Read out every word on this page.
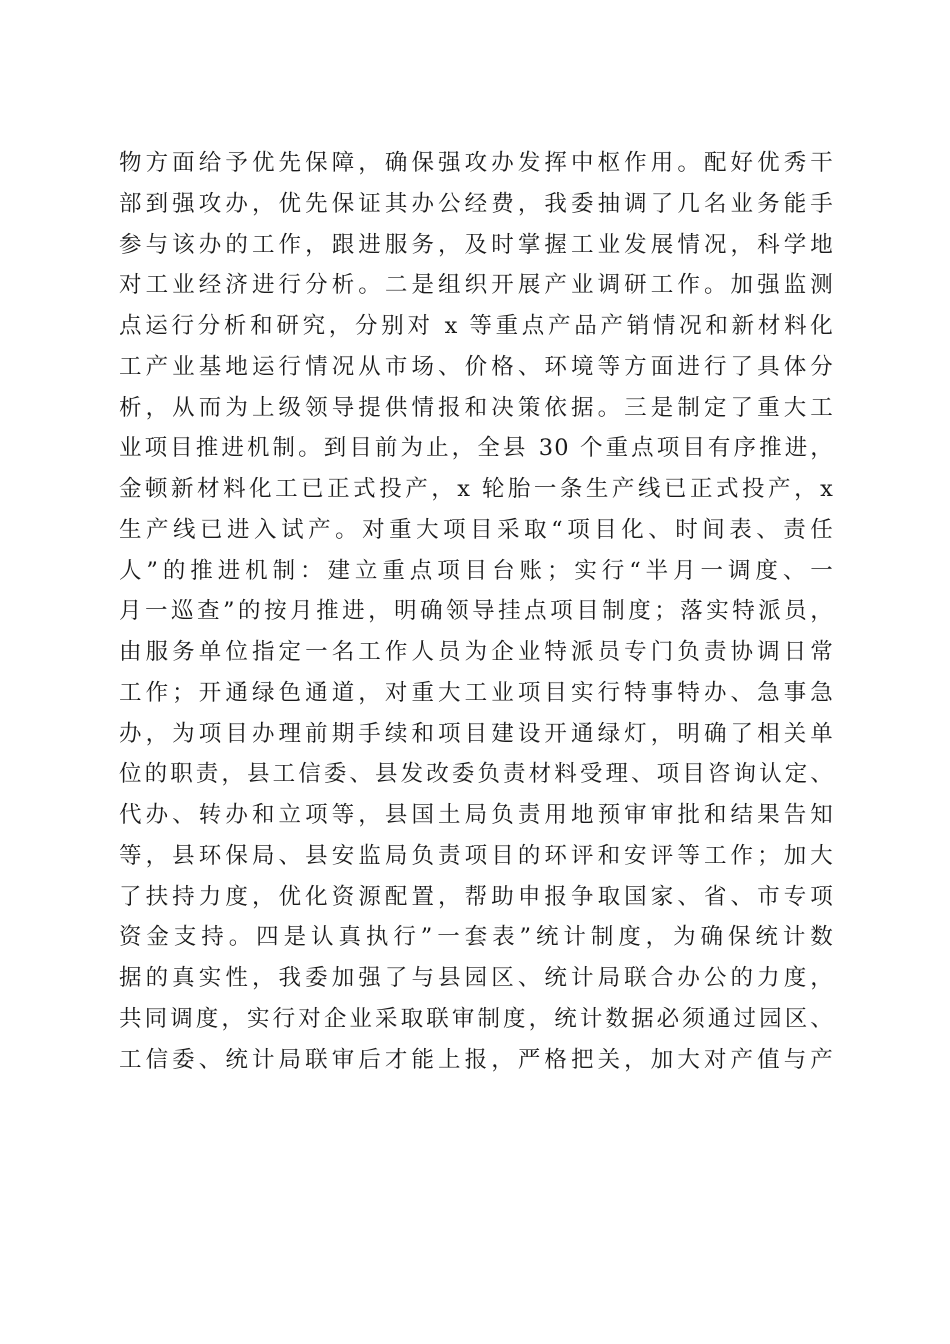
物方面给予优先保障，确保强攻办发挥中枢作用。配好优秀干
部到强攻办，优先保证其办公经费，我委抽调了几名业务能手
参与该办的工作，跟进服务，及时掌握工业发展情况，科学地
对工业经济进行分析。二是组织开展产业调研工作。加强监测
点运行分析和研究，分别对 x 等重点产品产销情况和新材料化
工产业基地运行情况从市场、价格、环境等方面进行了具体分
析，从而为上级领导提供情报和决策依据。三是制定了重大工
业项目推进机制。到目前为止，全县 30 个重点项目有序推进，
金顿新材料化工已正式投产，x 轮胎一条生产线已正式投产，x
生产线已进入试产。对重大项目采取“项目化、时间表、责任
人”的推进机制：建立重点项目台账；实行“半月一调度、一
月一巡查”的按月推进，明确领导挂点项目制度；落实特派员，
由服务单位指定一名工作人员为企业特派员专门负责协调日常
工作；开通绿色通道，对重大工业项目实行特事特办、急事急
办，为项目办理前期手续和项目建设开通绿灯，明确了相关单
位的职责，县工信委、县发改委负责材料受理、项目咨询认定、
代办、转办和立项等，县国土局负责用地预审审批和结果告知
等，县环保局、县安监局负责项目的环评和安评等工作；加大
了扶持力度，优化资源配置，帮助申报争取国家、省、市专项
资金支持。四是认真执行”一套表”统计制度，为确保统计数
据的真实性，我委加强了与县园区、统计局联合办公的力度，
共同调度，实行对企业采取联审制度，统计数据必须通过园区、
工信委、统计局联审后才能上报，严格把关，加大对产值与产
